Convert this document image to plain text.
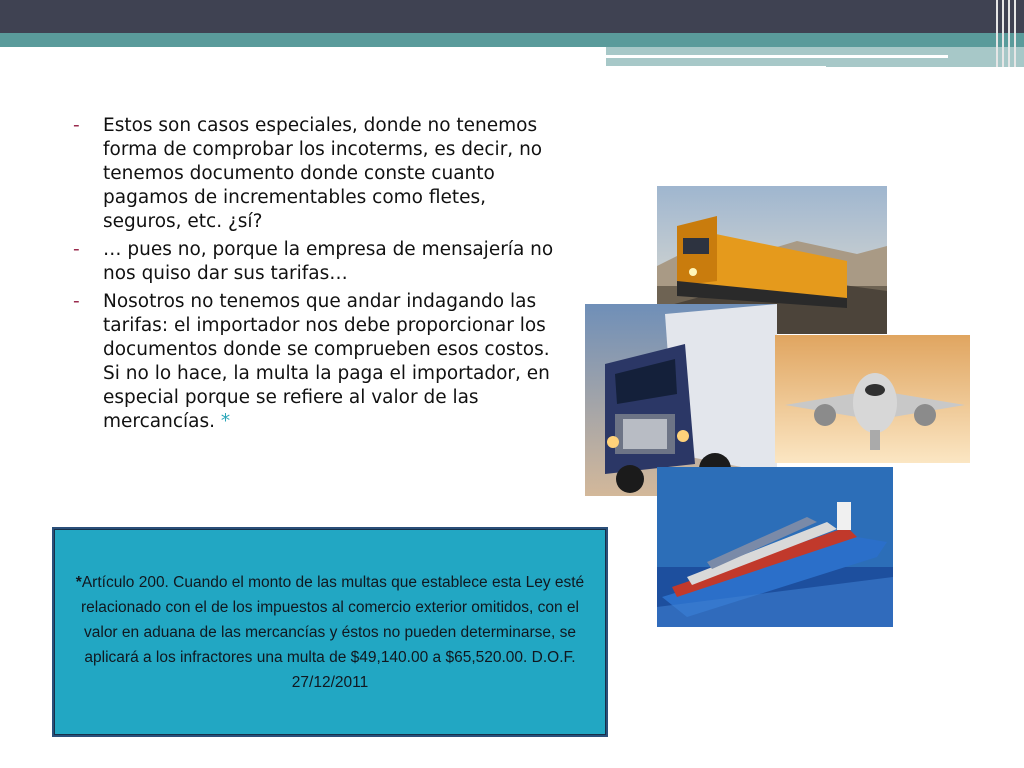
- Estos son casos especiales, donde no tenemos forma de comprobar los incoterms, es decir, no tenemos documento donde conste cuanto pagamos de incrementables como fletes, seguros, etc. ¿sí?
- … pues no, porque la empresa de mensajería no nos quiso dar sus tarifas…
- Nosotros no tenemos que andar indagando las tarifas: el importador nos debe proporcionar los documentos donde se comprueben esos costos. Si no lo hace, la multa la paga el importador, en especial porque se refiere al valor de las mercancías. *

*Artículo 200. Cuando el monto de las multas que establece esta Ley esté relacionado con el de los impuestos al comercio exterior omitidos, con el valor en aduana de las mercancías y éstos no pueden determinarse, se aplicará a los infractores una multa de $49,140.00 a $65,520.00. D.O.F. 27/12/2011
